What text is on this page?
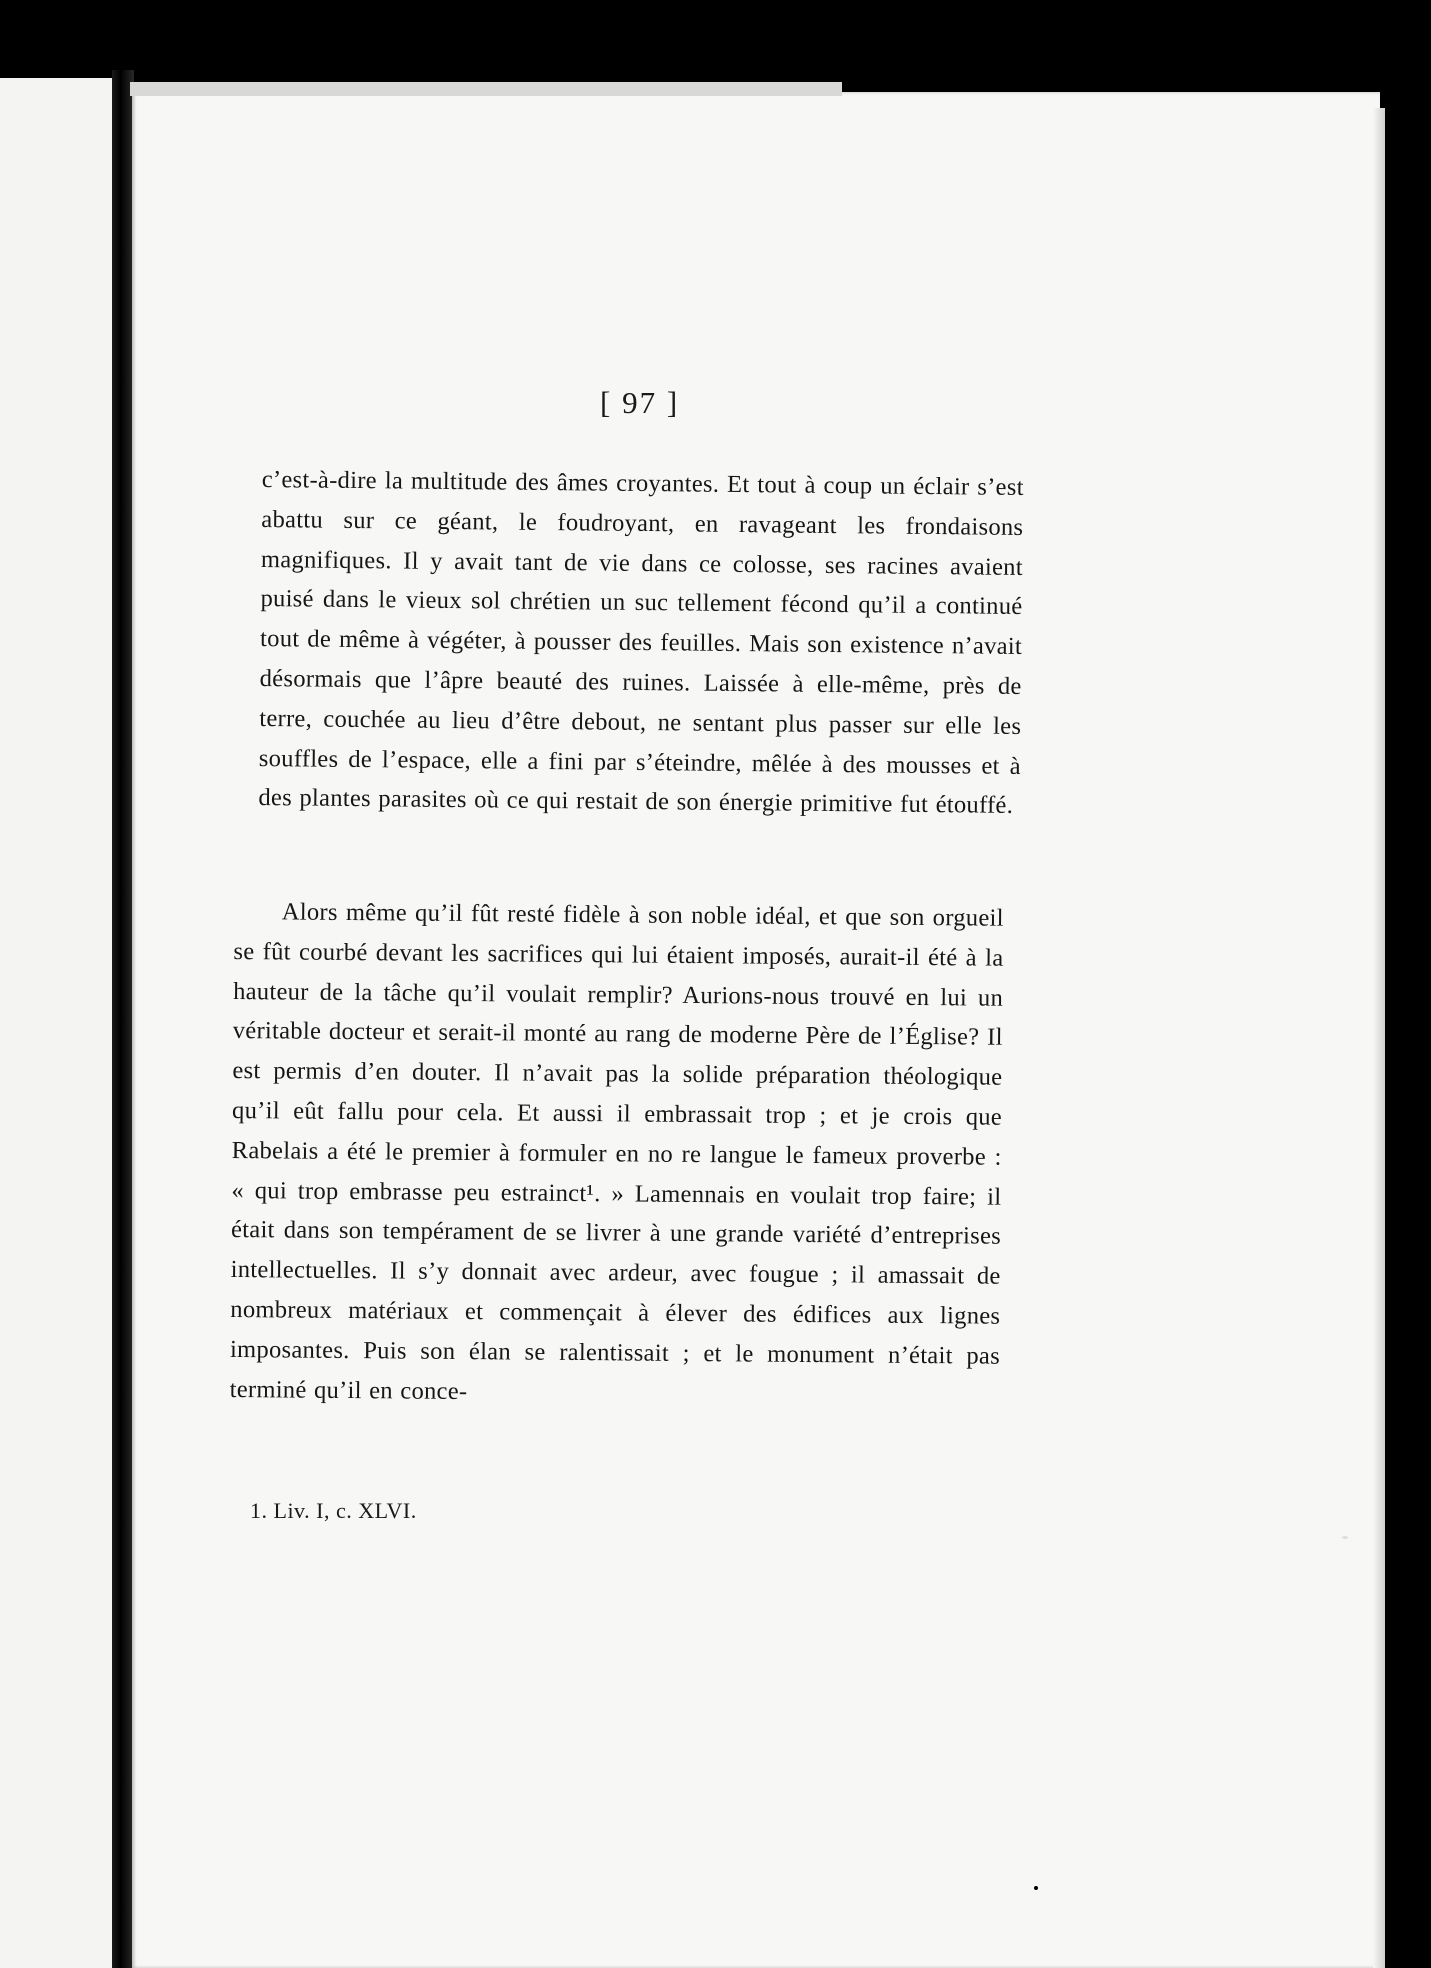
[ 97 ]
c’est-à-dire la multitude des âmes croyantes. Et tout à coup un éclair s’est abattu sur ce géant, le foudroyant, en ravageant les frondaisons magnifiques. Il y avait tant de vie dans ce colosse, ses racines avaient puisé dans le vieux sol chrétien un suc tellement fécond qu’il a continué tout de même à végéter, à pousser des feuilles. Mais son existence n’avait désormais que l’âpre beauté des ruines. Laissée à elle-même, près de terre, couchée au lieu d’être debout, ne sentant plus passer sur elle les souffles de l’espace, elle a fini par s’éteindre, mêlée à des mousses et à des plantes parasites où ce qui restait de son énergie primitive fut étouffé.
Alors même qu’il fût resté fidèle à son noble idéal, et que son orgueil se fût courbé devant les sacrifices qui lui étaient imposés, aurait-il été à la hauteur de la tâche qu’il voulait remplir? Aurions-nous trouvé en lui un véritable docteur et serait-il monté au rang de moderne Père de l’Église? Il est permis d’en douter. Il n’avait pas la solide préparation théologique qu’il eût fallu pour cela. Et aussi il embrassait trop ; et je crois que Rabelais a été le premier à formuler en no re langue le fameux proverbe : « qui trop embrasse peu estrainct¹. » Lamennais en voulait trop faire; il était dans son tempérament de se livrer à une grande variété d’entreprises intellectuelles. Il s’y donnait avec ardeur, avec fougue ; il amassait de nombreux matériaux et commençait à élever des édifices aux lignes imposantes. Puis son élan se ralentissait ; et le monument n’était pas terminé qu’il en conce-
1. Liv. I, c. XLVI.
